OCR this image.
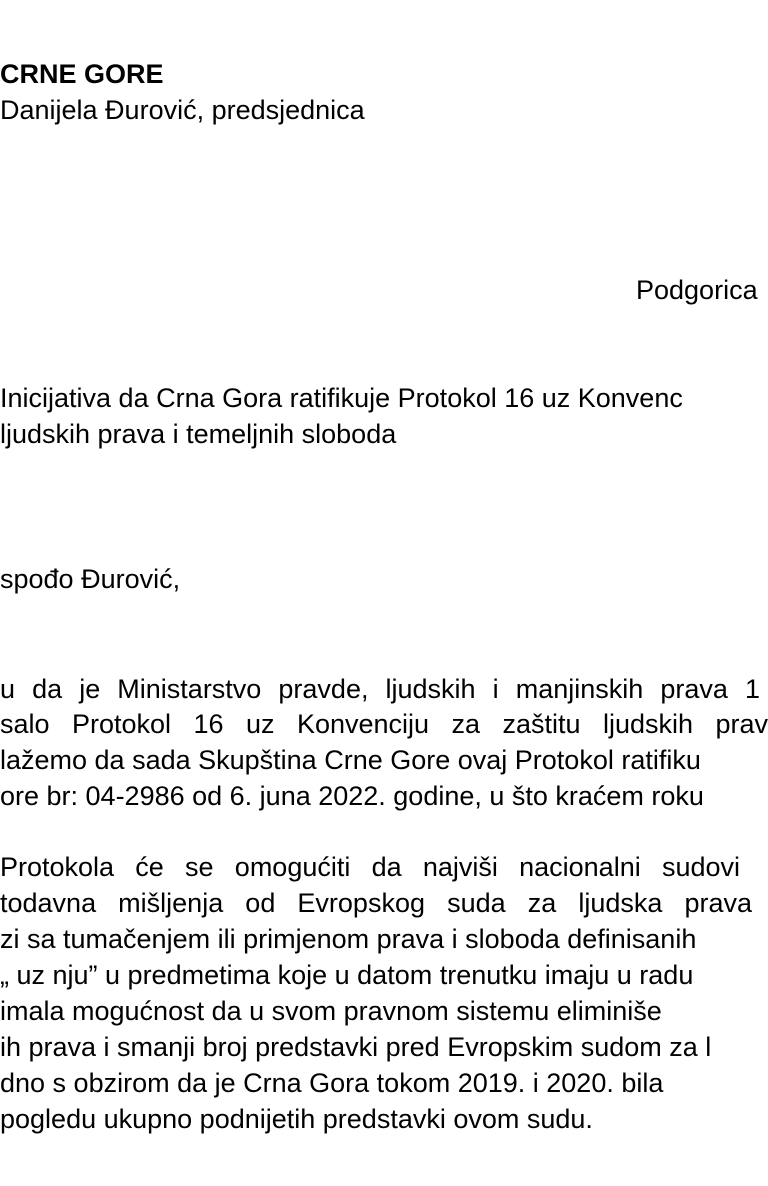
CRNE GORE
Danijela Đurović, predsjednica
Podgorica
Inicijativa da Crna Gora ratifikuje Protokol 16 uz Konvenc
ljudskih prava i temeljnih sloboda
spođo Đurović,
u da je Ministarstvo pravde, ljudskih i manjinskih prava 1
salo Protokol 16 uz Konvenciju za zaštitu ljudskih prav
lažemo da sada Skupština Crne Gore ovaj Protokol ratifiku
ore br: 04-2986 od 6. juna 2022. godine, u što kraćem roku
Protokola će se omogućiti da najviši nacionalni sudovi
todavna mišljenja od Evropskog suda za ljudska prava
zi sa tumačenjem ili primjenom prava i sloboda definisanih
„ uz nju” u predmetima koje u datom trenutku imaju u radu
imala mogućnost da u svom pravnom sistemu eliminiše
ih prava i smanji broj predstavki pred Evropskim sudom za l
dno s obzirom da je Crna Gora tokom 2019. i 2020. bila
pogledu ukupno podnijetih predstavki ovom sudu.
